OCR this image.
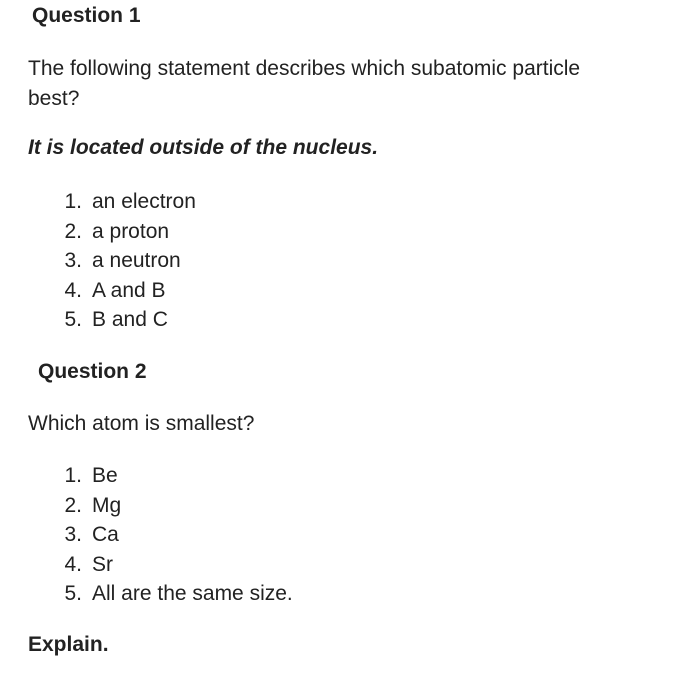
Question 1

The following statement describes which subatomic particle best?

It is located outside of the nucleus.

1. an electron
2. a proton
3. a neutron
4. A and B
5. B and C

Question 2

Which atom is smallest?

1. Be
2. Mg
3. Ca
4. Sr
5. All are the same size.

Explain.
